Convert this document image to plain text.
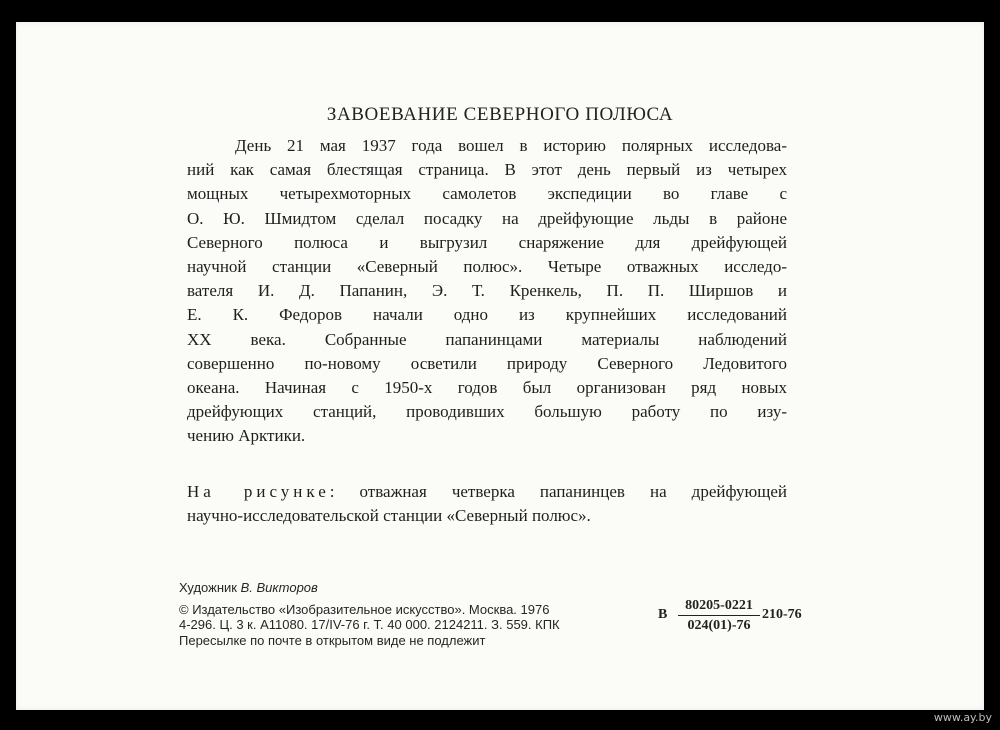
ЗАВОЕВАНИЕ СЕВЕРНОГО ПОЛЮСА
День 21 мая 1937 года вошел в историю полярных исследова-
ний как самая блестящая страница. В этот день первый из четырех
мощных четырехмоторных самолетов экспедиции во главе с
О. Ю. Шмидтом сделал посадку на дрейфующие льды в районе
Северного полюса и выгрузил снаряжение для дрейфующей
научной станции «Северный полюс». Четыре отважных исследо-
вателя И. Д. Папанин, Э. Т. Кренкель, П. П. Ширшов и
Е. К. Федоров начали одно из крупнейших исследований
XX века. Собранные папанинцами материалы наблюдений
совершенно по-новому осветили природу Северного Ледовитого
океана. Начиная с 1950-х годов был организован ряд новых
дрейфующих станций, проводивших большую работу по изу-
чению Арктики.
На рисунке: отважная четверка папанинцев на дрейфующей
научно-исследовательской станции «Северный полюс».
Художник В. Викторов
© Издательство «Изобразительное искусство». Москва. 1976
4-296. Ц. 3 к. А11080. 17/IV-76 г. Т. 40 000. 2124211. З. 559. КПК
Пересылке по почте в открытом виде не подлежит
В
80205-0221
024(01)-76
210-76
www.ay.by
